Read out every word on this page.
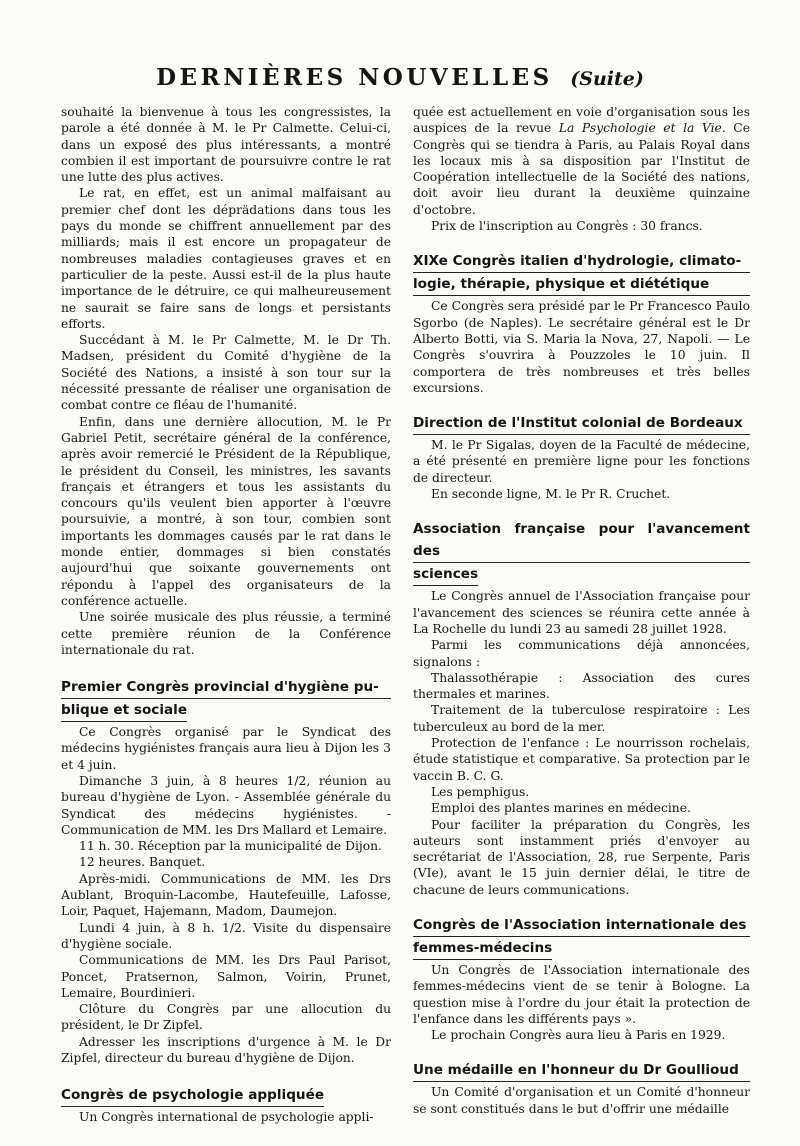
DERNIÈRES NOUVELLES (Suite)

souhaité la bienvenue à tous les congressistes, la parole a été donnée à M. le Pr Calmette. Celui-ci, dans un exposé des plus intéressants, a montré combien il est important de poursuivre contre le rat une lutte des plus actives.

Le rat, en effet, est un animal malfaisant au premier chef dont les déprädations dans tous les pays du monde se chiffrent annuellement par des milliards; mais il est encore un propagateur de nombreuses maladies contagieuses graves et en particulier de la peste. Aussi est-il de la plus haute importance de le détruire, ce qui malheureusement ne saurait se faire sans de longs et persistants efforts.

Succédant à M. le Pr Calmette, M. le Dr Th. Madsen, président du Comité d'hygiène de la Société des Nations, a insisté à son tour sur la nécessité pressante de réaliser une organisation de combat contre ce fléau de l'humanité.

Enfin, dans une dernière allocution, M. le Pr Gabriel Petit, secrétaire général de la conférence, après avoir remercié le Président de la République, le président du Conseil, les ministres, les savants français et étrangers et tous les assistants du concours qu'ils veulent bien apporter à l'œuvre poursuivie, a montré, à son tour, combien sont importants les dommages causés par le rat dans le monde entier, dommages si bien constatés aujourd'hui que soixante gouvernements ont répondu à l'appel des organisateurs de la conférence actuelle.

Une soirée musicale des plus réussie, a terminé cette première réunion de la Conférence internationale du rat.

Premier Congrès provincial d'hygiène pu-
blique et sociale

Ce Congrès organisé par le Syndicat des médecins hygiénistes français aura lieu à Dijon les 3 et 4 juin.

Dimanche 3 juin, à 8 heures 1/2, réunion au bureau d'hygiène de Lyon. - Assemblée générale du Syndicat des médecins hygiénistes. - Communication de MM. les Drs Mallard et Lemaire.

11 h. 30. Réception par la municipalité de Dijon.

12 heures. Banquet.

Après-midi. Communications de MM. les Drs Aublant, Broquin-Lacombe, Hautefeuille, Lafosse, Loir, Paquet, Hajemann, Madom, Daumejon.

Lundi 4 juin, à 8 h. 1/2. Visite du dispensaire d'hygiène sociale.

Communications de MM. les Drs Paul Parisot, Poncet, Pratsernon, Salmon, Voirin, Prunet, Lemaire, Bourdinieri.

Clôture du Congrès par une allocution du président, le Dr Zipfel.

Adresser les inscriptions d'urgence à M. le Dr Zipfel, directeur du bureau d'hygiène de Dijon.

Congrès de psychologie appliquée

Un Congrès international de psychologie appli-

quée est actuellement en voie d'organisation sous les auspices de la revue La Psychologie et la Vie. Ce Congrès qui se tiendra à Paris, au Palais Royal dans les locaux mis à sa disposition par l'Institut de Coopération intellectuelle de la Société des nations, doit avoir lieu durant la deuxième quinzaine d'octobre.

Prix de l'inscription au Congrès : 30 francs.

XIXe Congrès italien d'hydrologie, climato-
logie, thérapie, physique et diététique

Ce Congrès sera présidé par le Pr Francesco Paulo Sgorbo (de Naples). Le secrétaire général est le Dr Alberto Botti, via S. Maria la Nova, 27, Napoli. — Le Congrès s'ouvrira à Pouzzoles le 10 juin. Il comportera de très nombreuses et très belles excursions.

Direction de l'Institut colonial de Bordeaux

M. le Pr Sigalas, doyen de la Faculté de médecine, a été présenté en première ligne pour les fonctions de directeur.

En seconde ligne, M. le Pr R. Cruchet.

Association française pour l'avancement des
sciences

Le Congrès annuel de l'Association française pour l'avancement des sciences se réunira cette année à La Rochelle du lundi 23 au samedi 28 juillet 1928.

Parmi les communications déjà annoncées, signalons :

Thalassothérapie : Association des cures thermales et marines.

Traitement de la tuberculose respiratoire : Les tuberculeux au bord de la mer.

Protection de l'enfance : Le nourrisson rochelais, étude statistique et comparative. Sa protection par le vaccin B. C. G.

Les pemphigus.

Emploi des plantes marines en médecine.

Pour faciliter la préparation du Congrès, les auteurs sont instamment priés d'envoyer au secrétariat de l'Association, 28, rue Serpente, Paris (VIe), avant le 15 juin dernier délai, le titre de chacune de leurs communications.

Congrès de l'Association internationale des
femmes-médecins

Un Congrès de l'Association internationale des femmes-médecins vient de se tenir à Bologne. La question mise à l'ordre du jour était la protection de l'enfance dans les différents pays ».

Le prochain Congrès aura lieu à Paris en 1929.

Une médaille en l'honneur du Dr Goullioud

Un Comité d'organisation et un Comité d'honneur se sont constitués dans le but d'offrir une médaille
